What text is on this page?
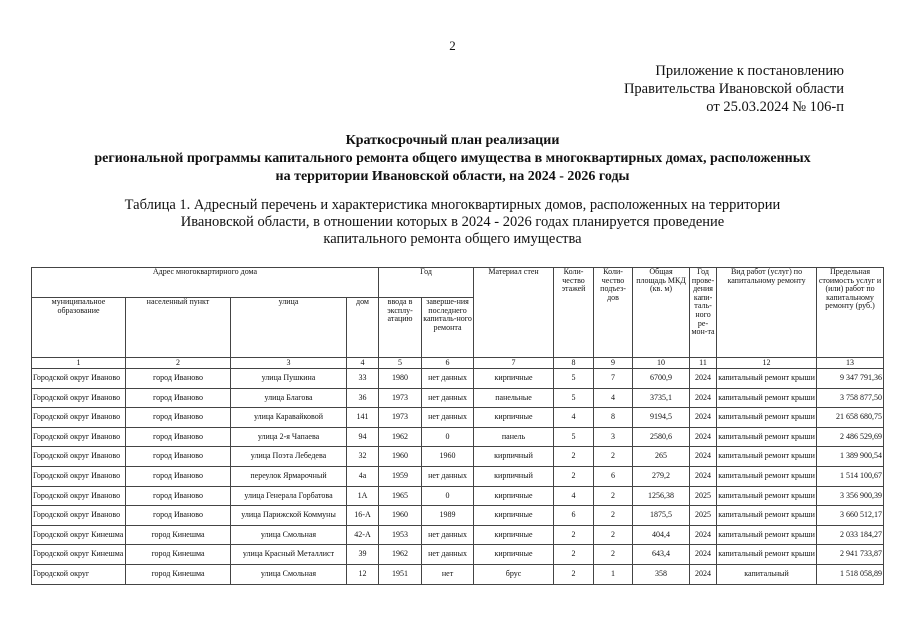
2
Приложение к постановлению
Правительства Ивановской области
от 25.03.2024 № 106-п
Краткосрочный план реализации
региональной программы капитального ремонта общего имущества в многоквартирных домах, расположенных
на территории Ивановской области, на 2024 - 2026 годы
Таблица 1. Адресный перечень и характеристика многоквартирных домов, расположенных на территории
Ивановской области, в отношении которых в 2024 - 2026 годах планируется проведение
капитального ремонта общего имущества
Адрес многоквартирного дома				Год		Материал стен	Коли-чество этажей	Коли-чество подъез-дов	Общая площадь МКД (кв. м)	Год прове-дения капи-таль-ного ре-мон-та	Вид работ (услуг) по капитальному ремонту	Предельная стоимость услуг и (или) работ по капитальному ремонту (руб.)
муниципальное образование	населенный пункт	улица	дом	ввода в эксплу-атацию	заверше-ния последнего капиталь-ного ремонта							
1	2	3	4	5	6	7	8	9	10	11	12	13
Городской округ Иваново	город Иваново	улица Пушкина	33	1980	нет данных	кирпичные	5	7	6700,9	2024	капитальный ремонт крыши	9 347 791,36
Городской округ Иваново	город Иваново	улица Благова	36	1973	нет данных	панельные	5	4	3735,1	2024	капитальный ремонт крыши	3 758 877,50
Городской округ Иваново	город Иваново	улица Каравайковой	141	1973	нет данных	кирпичные	4	8	9194,5	2024	капитальный ремонт крыши	21 658 680,75
Городской округ Иваново	город Иваново	улица 2-я Чапаева	94	1962	0	панель	5	3	2580,6	2024	капитальный ремонт крыши	2 486 529,69
Городской округ Иваново	город Иваново	улица Поэта Лебедева	32	1960	1960	кирпичный	2	2	265	2024	капитальный ремонт крыши	1 389 900,54
Городской округ Иваново	город Иваново	переулок Ярмарочный	4а	1959	нет данных	кирпичный	2	6	279,2	2024	капитальный ремонт крыши	1 514 100,67
Городской округ Иваново	город Иваново	улица Генерала Горбатова	1А	1965	0	кирпичные	4	2	1256,38	2025	капитальный ремонт крыши	3 356 900,39
Городской округ Иваново	город Иваново	улица Парижской Коммуны	16-А	1960	1989	кирпичные	6	2	1875,5	2025	капитальный ремонт крыши	3 660 512,17
Городской округ Кинешма	город Кинешма	улица Смольная	42-А	1953	нет данных	кирпичные	2	2	404,4	2024	капитальный ремонт крыши	2 033 184,27
Городской округ Кинешма	город Кинешма	улица Красный Металлист	39	1962	нет данных	кирпичные	2	2	643,4	2024	капитальный ремонт крыши	2 941 733,87
Городской округ	город Кинешма	улица Смольная	12	1951	нет	брус	2	1	358	2024	капитальный	1 518 058,89
